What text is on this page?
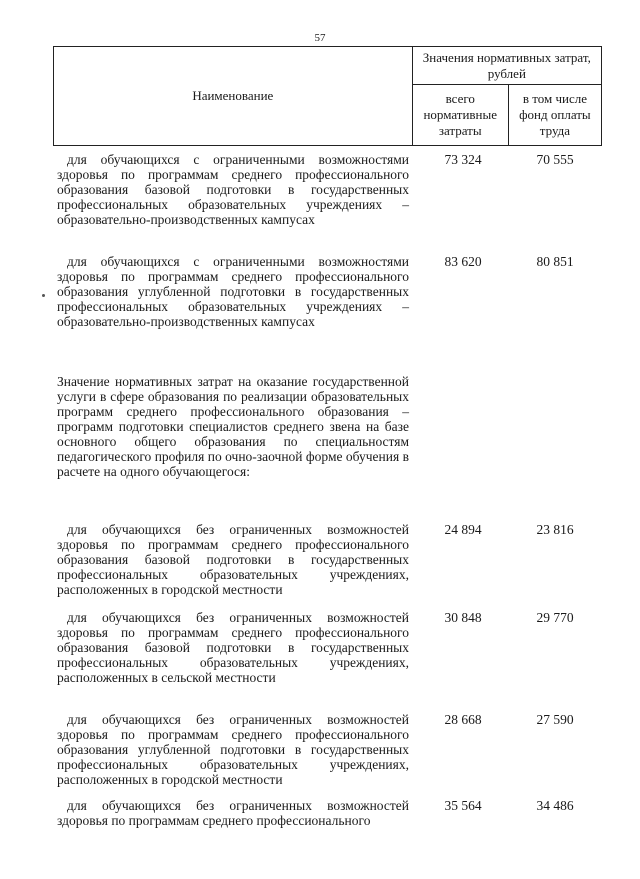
57
Наименование	Значения нормативных затрат, рублей	

	всего нормативные затраты	в том числе фонд оплаты труда
для обучающихся с ограниченными возможностями здоровья по программам среднего профессионального образования базовой подготовки в государственных профессиональных образовательных учреждениях – образовательно-производственных кампусах
73 324	70 555
для обучающихся с ограниченными возможностями здоровья по программам среднего профессионального образования углубленной подготовки в государственных профессиональных образовательных учреждениях – образовательно-производственных кампусах
83 620	80 851
Значение нормативных затрат на оказание государственной услуги в сфере образования по реализации образовательных программ среднего профессионального образования – программ подготовки специалистов среднего звена на базе основного общего образования по специальностям педагогического профиля по очно-заочной форме обучения в расчете на одного обучающегося:
для обучающихся без ограниченных возможностей здоровья по программам среднего профессионального образования базовой подготовки в государственных профессиональных образовательных учреждениях, расположенных в городской местности
24 894	23 816
для обучающихся без ограниченных возможностей здоровья по программам среднего профессионального образования базовой подготовки в государственных профессиональных образовательных учреждениях, расположенных в сельской местности
30 848	29 770
для обучающихся без ограниченных возможностей здоровья по программам среднего профессионального образования углубленной подготовки в государственных профессиональных образовательных учреждениях, расположенных в городской местности
28 668	27 590
для обучающихся без ограниченных возможностей здоровья по программам среднего профессионального
35 564	34 486
